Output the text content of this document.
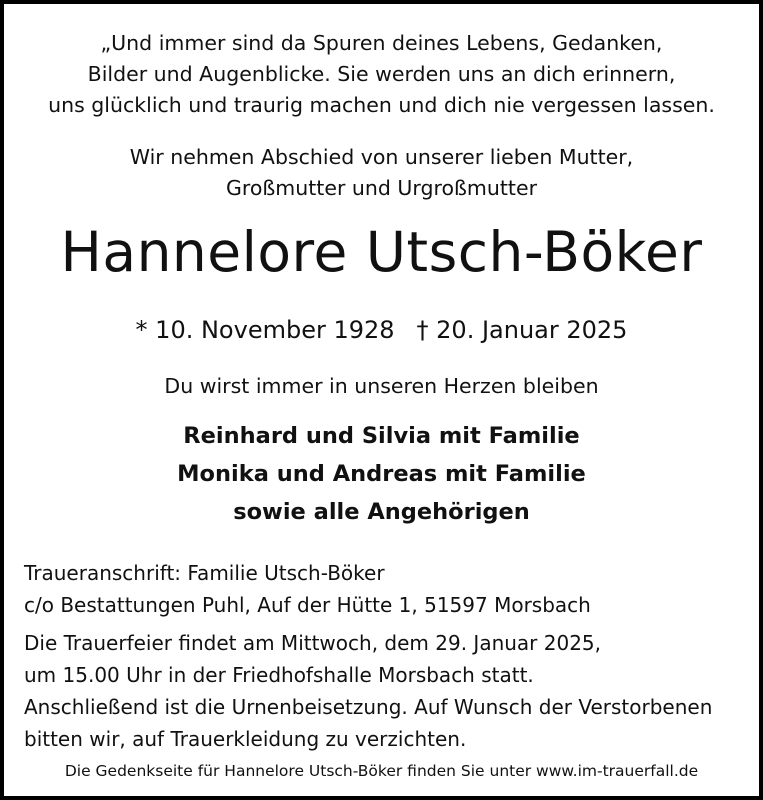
„Und immer sind da Spuren deines Lebens, Gedanken,
Bilder und Augenblicke. Sie werden uns an dich erinnern,
uns glücklich und traurig machen und dich nie vergessen lassen.
Wir nehmen Abschied von unserer lieben Mutter,
Großmutter und Urgroßmutter
Hannelore Utsch-Böker
* 10. November 1928 † 20. Januar 2025
Du wirst immer in unseren Herzen bleiben
Reinhard und Silvia mit Familie
Monika und Andreas mit Familie
sowie alle Angehörigen
Traueranschrift: Familie Utsch-Böker
c/o Bestattungen Puhl, Auf der Hütte 1, 51597 Morsbach
Die Trauerfeier findet am Mittwoch, dem 29. Januar 2025,
um 15.00 Uhr in der Friedhofshalle Morsbach statt.
Anschließend ist die Urnenbeisetzung. Auf Wunsch der Verstorbenen
bitten wir, auf Trauerkleidung zu verzichten.
Die Gedenkseite für Hannelore Utsch-Böker finden Sie unter www.im-trauerfall.de
